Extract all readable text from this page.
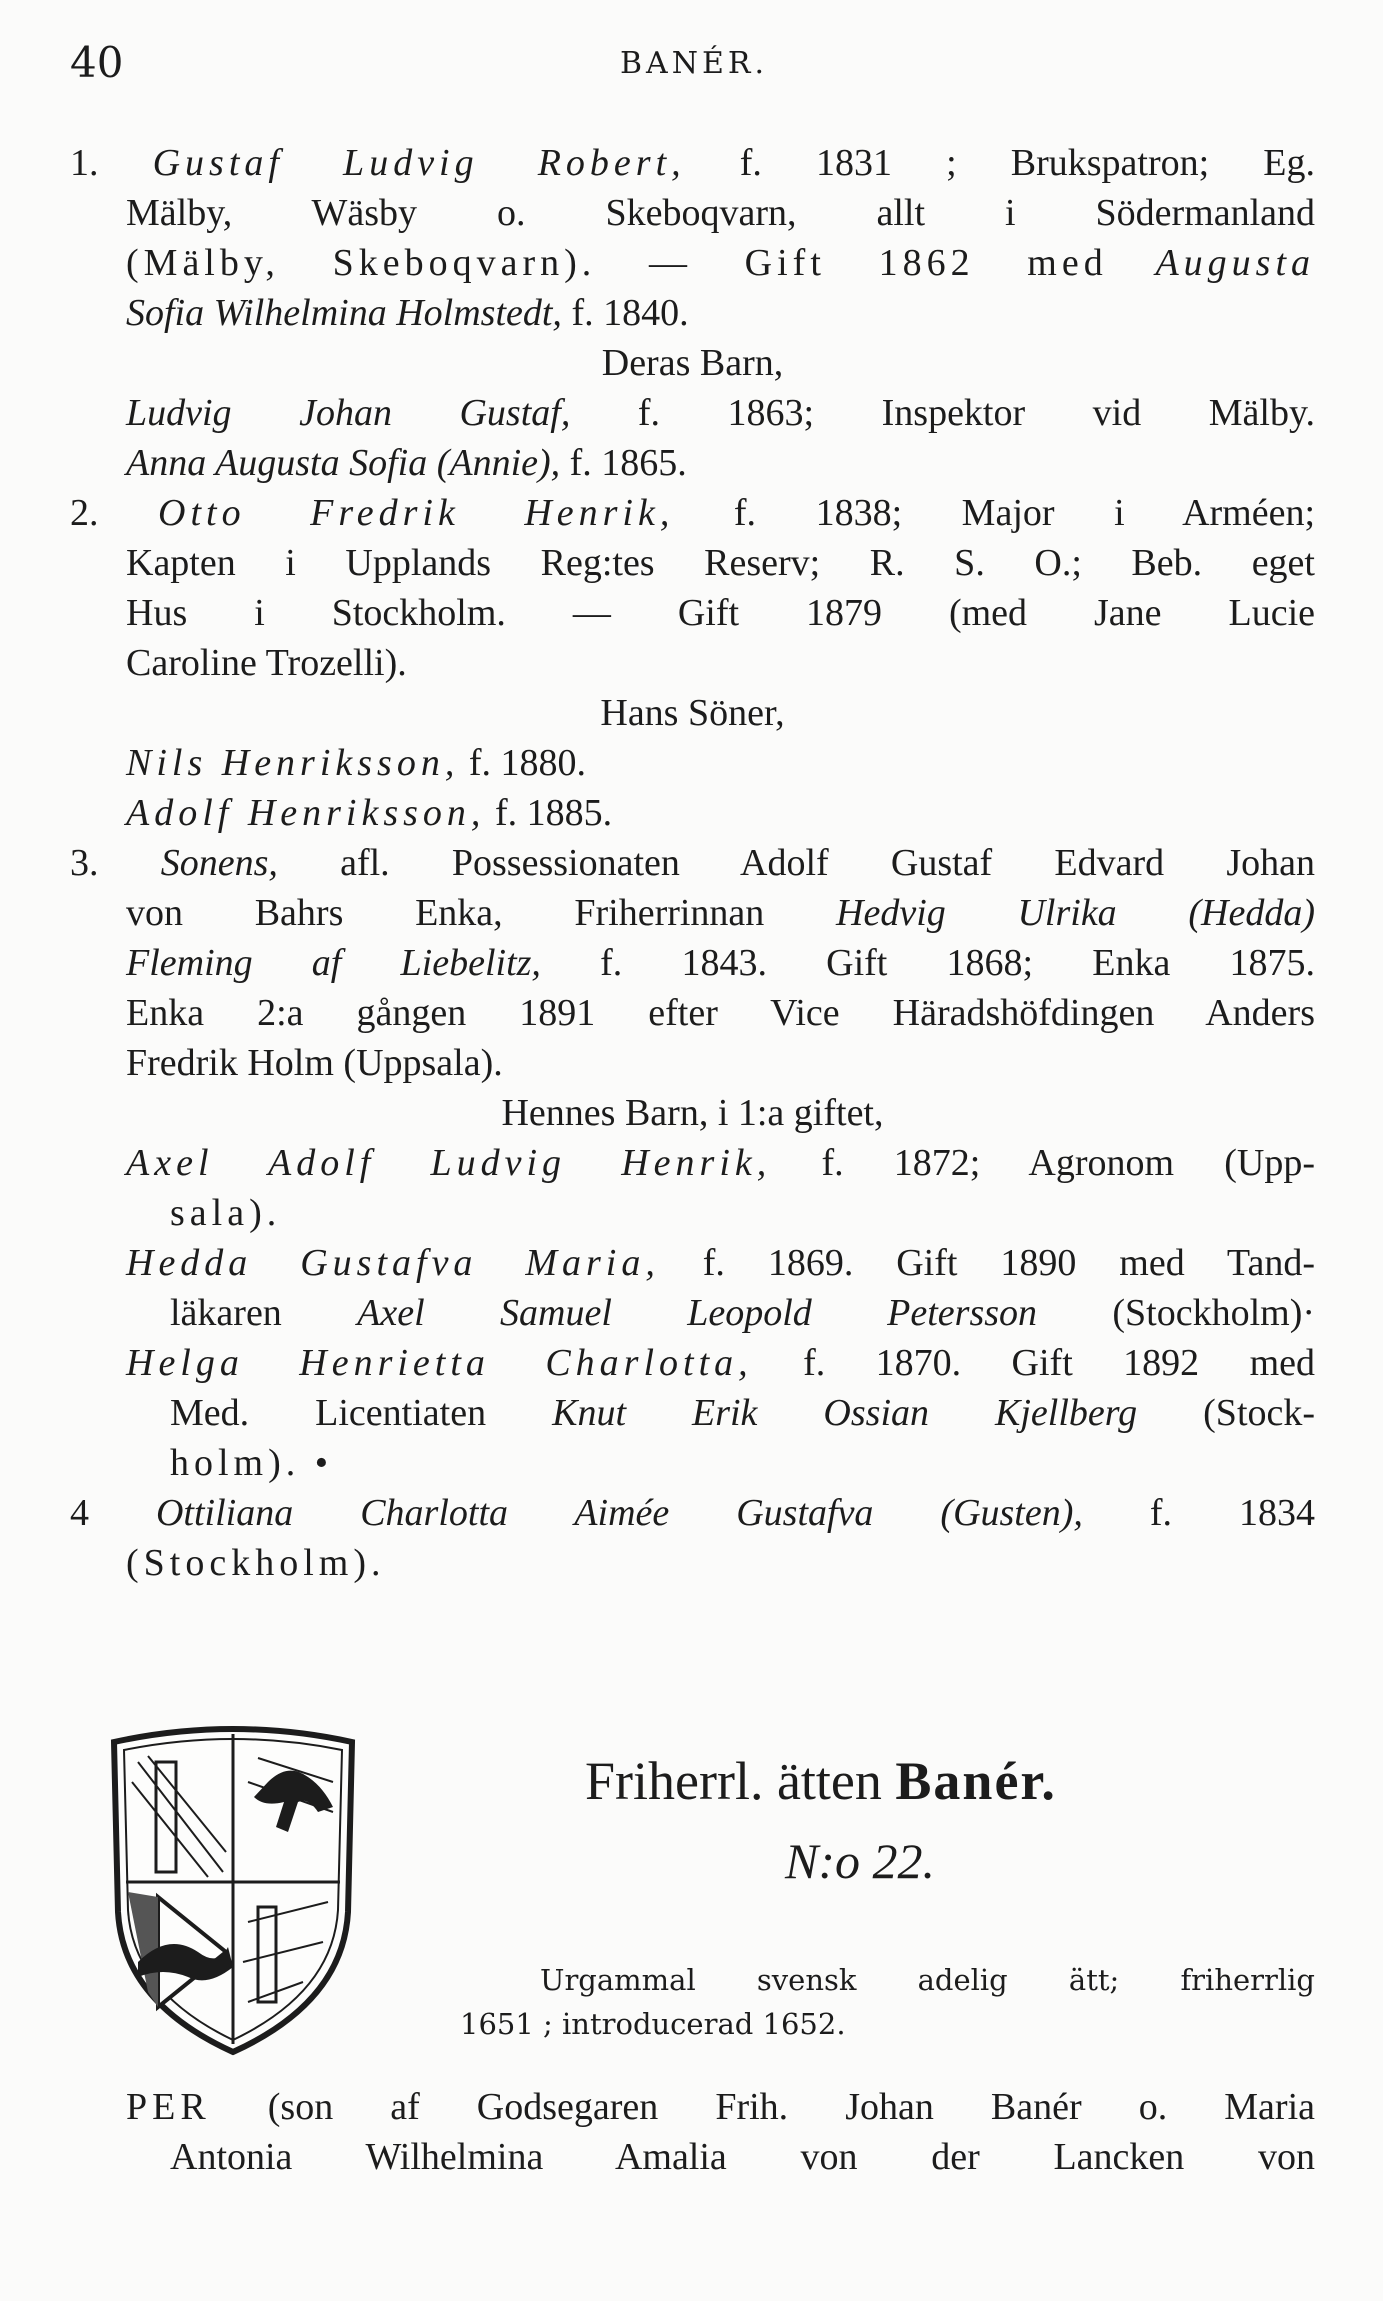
40	BANÉR.
1. Gustaf Ludvig Robert, f. 1831 ; Brukspatron; Eg.
Mälby, Wäsby o. Skeboqvarn, allt i Södermanland
(Mälby, Skeboqvarn). — Gift 1862 med Augusta
Sofia Wilhelmina Holmstedt, f. 1840.
Deras Barn,
Ludvig Johan Gustaf, f. 1863; Inspektor vid Mälby.
Anna Augusta Sofia (Annie), f. 1865.
2. Otto Fredrik Henrik, f. 1838; Major i Arméen;
Kapten i Upplands Reg:tes Reserv; R. S. O.; Beb. eget
Hus i Stockholm. — Gift 1879 (med Jane Lucie
Caroline Trozelli).
Hans Söner,
Nils Henriksson, f. 1880.
Adolf Henriksson, f. 1885.
3. Sonens, afl. Possessionaten Adolf Gustaf Edvard Johan
von Bahrs Enka, Friherrinnan Hedvig Ulrika (Hedda)
Fleming af Liebelitz, f. 1843. Gift 1868; Enka 1875.
Enka 2:a gången 1891 efter Vice Häradshöfdingen Anders
Fredrik Holm (Uppsala).
Hennes Barn, i 1:a giftet,
Axel Adolf Ludvig Henrik, f. 1872; Agronom (Upp-
sala).
Hedda Gustafva Maria, f. 1869. Gift 1890 med Tand-
läkaren Axel Samuel Leopold Petersson (Stockholm)·
Helga Henrietta Charlotta, f. 1870. Gift 1892 med
Med. Licentiaten Knut Erik Ossian Kjellberg (Stock-
holm). •
4 Ottiliana Charlotta Aimée Gustafva (Gusten), f. 1834
(Stockholm).
Friherrl. ätten Banér.
N:o 22.
Urgammal svensk adelig ätt; friherrlig
1651 ; introducerad 1652.
PER (son af Godsegaren Frih. Johan Banér o. Maria
Antonia Wilhelmina Amalia von der Lancken von
